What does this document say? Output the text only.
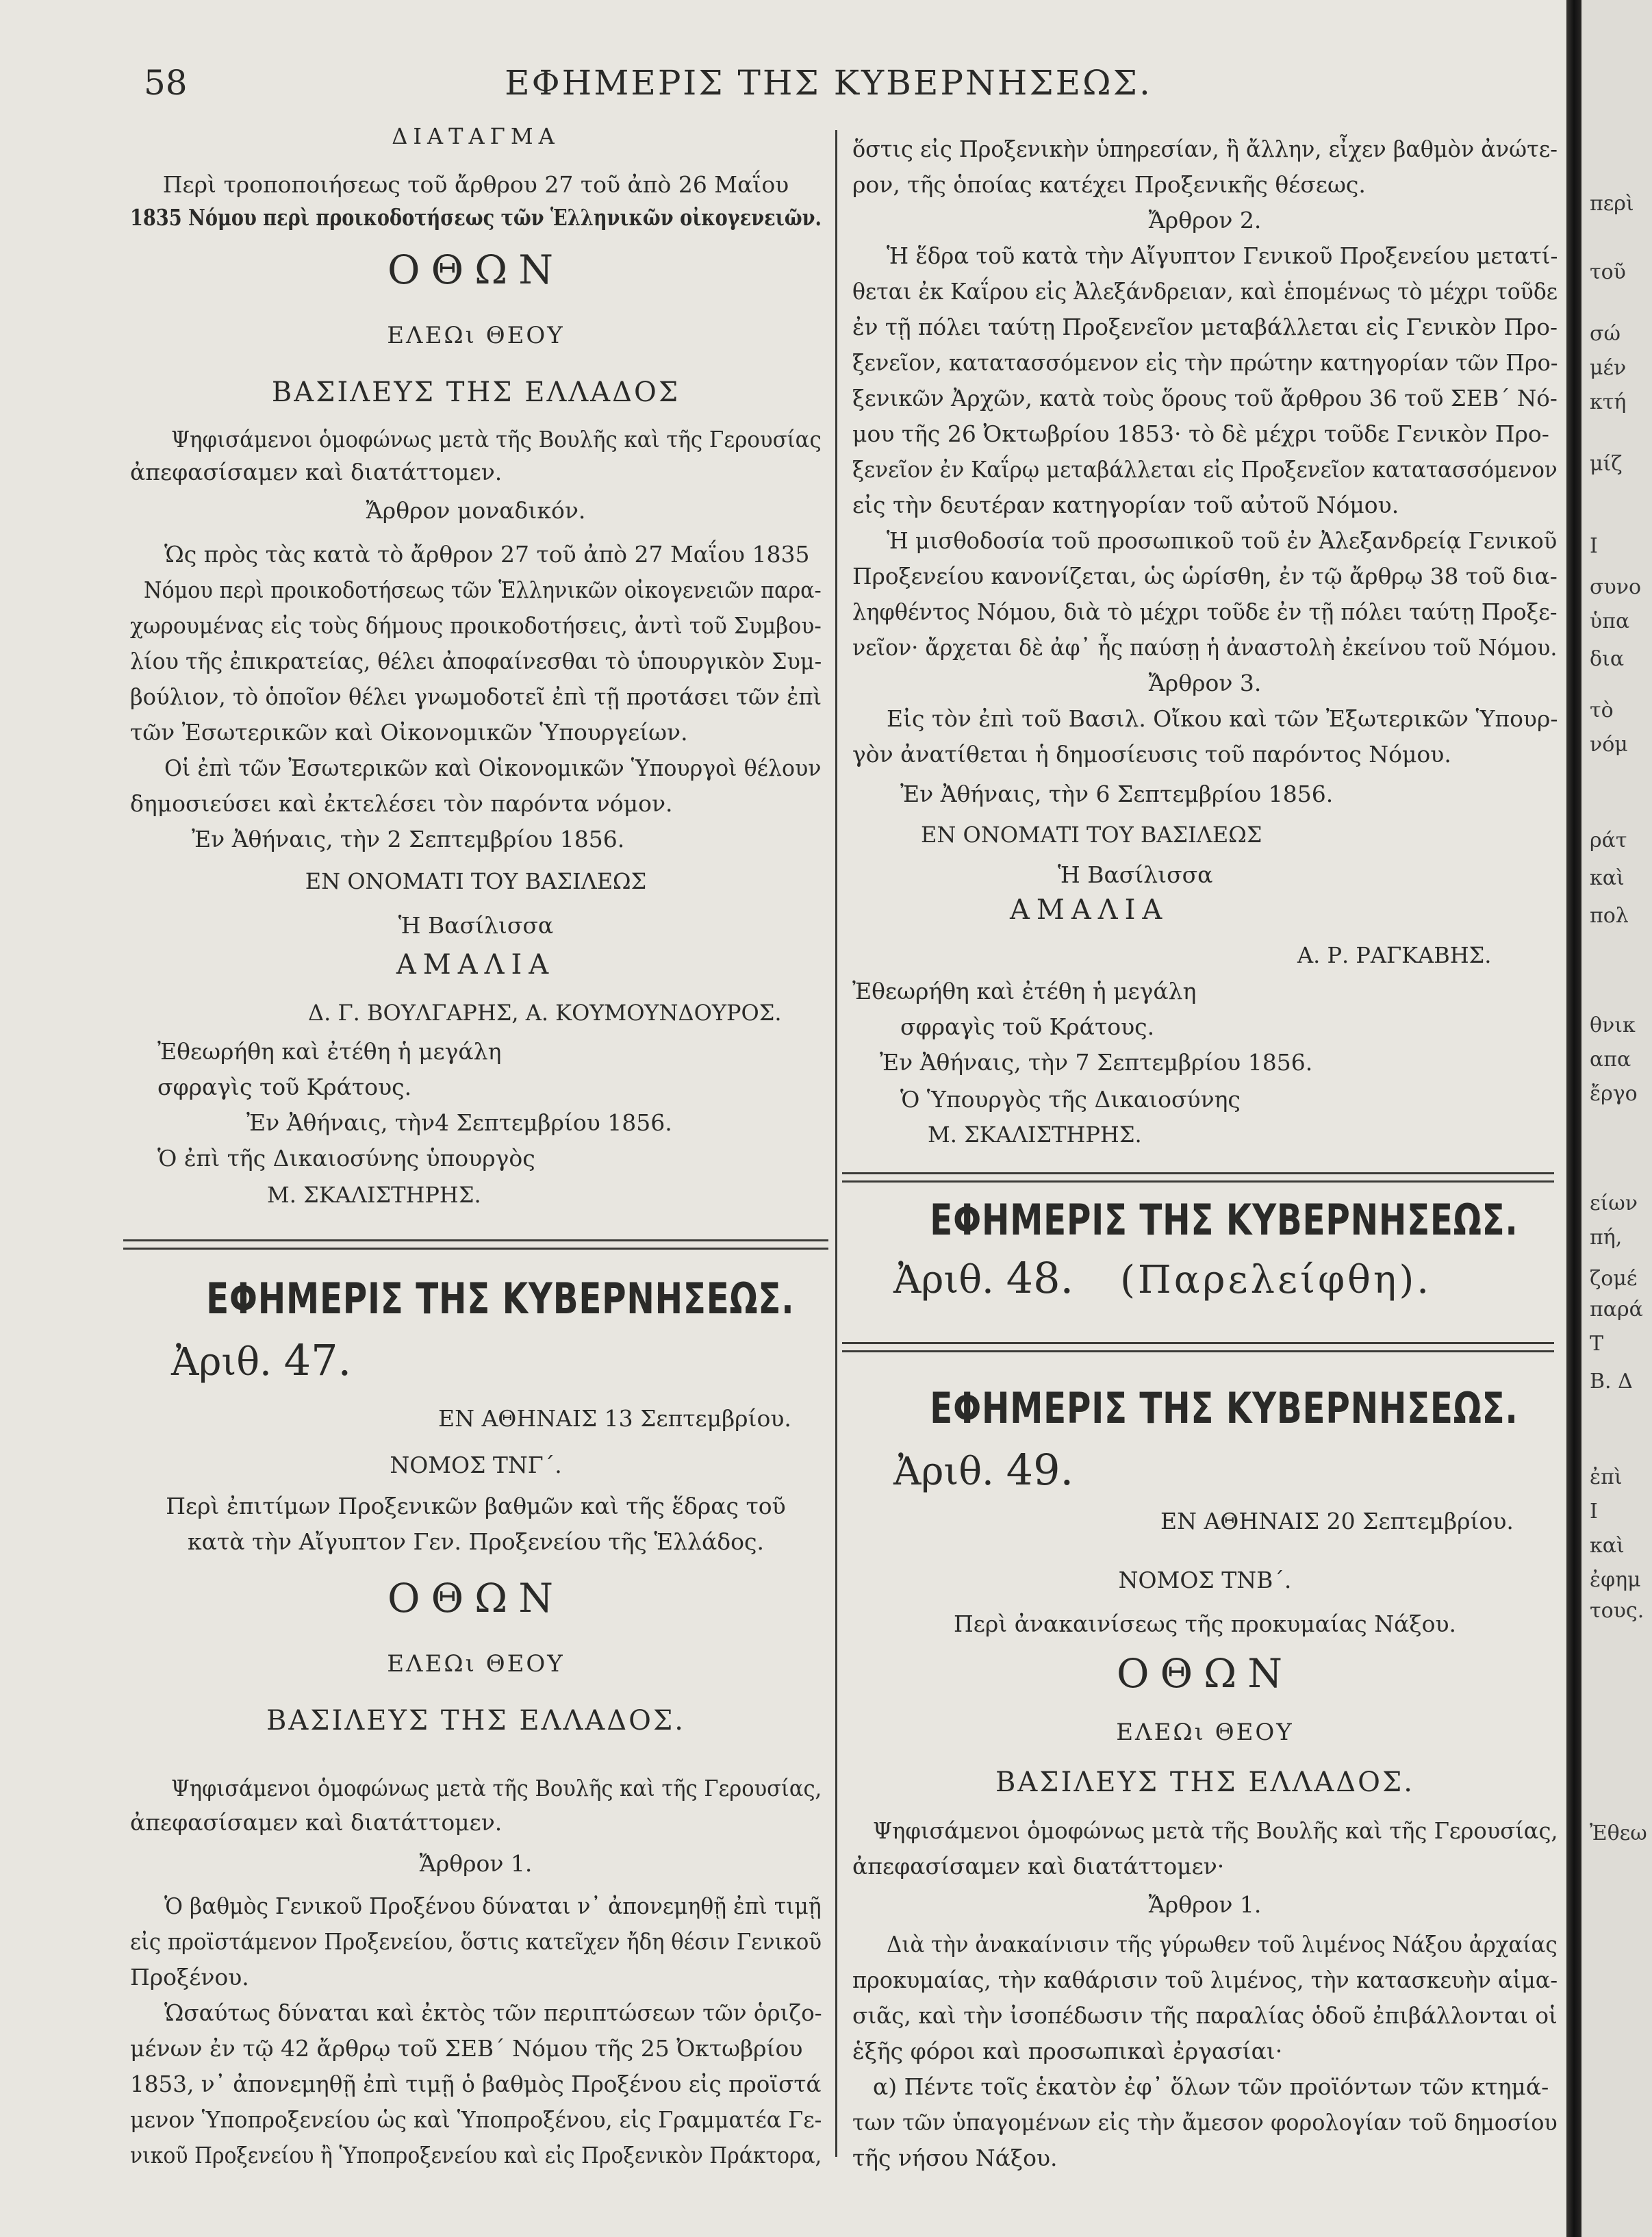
58	ΕΦΗΜΕΡΙΣ ΤΗΣ ΚΥΒΕΡΝΗΣΕΩΣ.
ΔΙΑΤΑΓΜΑ
Περὶ τροποποιήσεως τοῦ ἄρθρου 27 τοῦ ἀπὸ 26 Μαΐου
1835 Νόμου περὶ προικοδοτήσεως τῶν Ἑλληνικῶν οἰκογενειῶν.
ΟΘΩΝ
ΕΛΕΩι ΘΕΟΥ
ΒΑΣΙΛΕΥΣ ΤΗΣ ΕΛΛΑΔΟΣ
Ψηφισάμενοι ὁμοφώνως μετὰ τῆς Βουλῆς καὶ τῆς Γερουσίας
ἀπεφασίσαμεν καὶ διατάττομεν.
Ἄρθρον μοναδικόν.
Ὡς πρὸς τὰς κατὰ τὸ ἄρθρον 27 τοῦ ἀπὸ 27 Μαΐου 1835
Νόμου περὶ προικοδοτήσεως τῶν Ἑλληνικῶν οἰκογενειῶν παρα-
χωρουμένας εἰς τοὺς δήμους προικοδοτήσεις, ἀντὶ τοῦ Συμβου-
λίου τῆς ἐπικρατείας, θέλει ἀποφαίνεσθαι τὸ ὑπουργικὸν Συμ-
βούλιον, τὸ ὁποῖον θέλει γνωμοδοτεῖ ἐπὶ τῇ προτάσει τῶν ἐπὶ
τῶν Ἐσωτερικῶν καὶ Οἰκονομικῶν Ὑπουργείων.
Οἱ ἐπὶ τῶν Ἐσωτερικῶν καὶ Οἰκονομικῶν Ὑπουργοὶ θέλουν
δημοσιεύσει καὶ ἐκτελέσει τὸν παρόντα νόμον.
Ἐν Ἀθήναις, τὴν 2 Σεπτεμβρίου 1856.
ΕΝ ΟΝΟΜΑΤΙ ΤΟΥ ΒΑΣΙΛΕΩΣ
Ἡ Βασίλισσα
ΑΜΑΛΙΑ
Δ. Γ. ΒΟΥΛΓΑΡΗΣ, Α. ΚΟΥΜΟΥΝΔΟΥΡΟΣ.
Ἐθεωρήθη καὶ ἐτέθη ἡ μεγάλη
σφραγὶς τοῦ Κράτους.
Ἐν Ἀθήναις, τὴν4 Σεπτεμβρίου 1856.
Ὁ ἐπὶ τῆς Δικαιοσύνης ὑπουργὸς
Μ. ΣΚΑΛΙΣΤΗΡΗΣ.
ΕΦΗΜΕΡΙΣ ΤΗΣ ΚΥΒΕΡΝΗΣΕΩΣ.
Ἀριθ. 47.
ΕΝ ΑΘΗΝΑΙΣ 13 Σεπτεμβρίου.
ΝΟΜΟΣ ΤΝΓ΄.
Περὶ ἐπιτίμων Προξενικῶν βαθμῶν καὶ τῆς ἕδρας τοῦ
κατὰ τὴν Αἴγυπτον Γεν. Προξενείου τῆς Ἑλλάδος.
ΟΘΩΝ
ΕΛΕΩι ΘΕΟΥ
ΒΑΣΙΛΕΥΣ ΤΗΣ ΕΛΛΑΔΟΣ.
Ψηφισάμενοι ὁμοφώνως μετὰ τῆς Βουλῆς καὶ τῆς Γερουσίας,
ἀπεφασίσαμεν καὶ διατάττομεν.
Ἄρθρον 1.
Ὁ βαθμὸς Γενικοῦ Προξένου δύναται ν᾿ ἀπονεμηθῇ ἐπὶ τιμῇ
εἰς προϊστάμενον Προξενείου, ὅστις κατεῖχεν ἤδη θέσιν Γενικοῦ
Προξένου.
Ὡσαύτως δύναται καὶ ἐκτὸς τῶν περιπτώσεων τῶν ὁριζο-
μένων ἐν τῷ 42 ἄρθρῳ τοῦ ΣΕΒ΄ Νόμου τῆς 25 Ὀκτωβρίου
1853, ν᾿ ἀπονεμηθῇ ἐπὶ τιμῇ ὁ βαθμὸς Προξένου εἰς προϊστά
μενον Ὑποπροξενείου ὡς καὶ Ὑποπροξένου, εἰς Γραμματέα Γε-
νικοῦ Προξενείου ἢ Ὑποπροξενείου καὶ εἰς Προξενικὸν Πράκτορα,
ὅστις εἰς Προξενικὴν ὑπηρεσίαν, ἢ ἄλλην, εἶχεν βαθμὸν ἀνώτε-
ρον, τῆς ὁποίας κατέχει Προξενικῆς θέσεως.
Ἄρθρον 2.
Ἡ ἕδρα τοῦ κατὰ τὴν Αἴγυπτον Γενικοῦ Προξενείου μετατί-
θεται ἐκ Καΐρου εἰς Ἀλεξάνδρειαν, καὶ ἑπομένως τὸ μέχρι τοῦδε
ἐν τῇ πόλει ταύτῃ Προξενεῖον μεταβάλλεται εἰς Γενικὸν Προ-
ξενεῖον, κατατασσόμενον εἰς τὴν πρώτην κατηγορίαν τῶν Προ-
ξενικῶν Ἀρχῶν, κατὰ τοὺς ὅρους τοῦ ἄρθρου 36 τοῦ ΣΕΒ΄ Νό-
μου τῆς 26 Ὀκτωβρίου 1853· τὸ δὲ μέχρι τοῦδε Γενικὸν Προ-
ξενεῖον ἐν Καΐρῳ μεταβάλλεται εἰς Προξενεῖον κατατασσόμενον
εἰς τὴν δευτέραν κατηγορίαν τοῦ αὐτοῦ Νόμου.
Ἡ μισθοδοσία τοῦ προσωπικοῦ τοῦ ἐν Ἀλεξανδρείᾳ Γενικοῦ
Προξενείου κανονίζεται, ὡς ὡρίσθη, ἐν τῷ ἄρθρῳ 38 τοῦ δια-
ληφθέντος Νόμου, διὰ τὸ μέχρι τοῦδε ἐν τῇ πόλει ταύτῃ Προξε-
νεῖον· ἄρχεται δὲ ἀφ᾿ ἧς παύσῃ ἡ ἀναστολὴ ἐκείνου τοῦ Νόμου.
Ἄρθρον 3.
Εἰς τὸν ἐπὶ τοῦ Βασιλ. Οἴκου καὶ τῶν Ἐξωτερικῶν Ὑπουρ-
γὸν ἀνατίθεται ἡ δημοσίευσις τοῦ παρόντος Νόμου.
Ἐν Ἀθήναις, τὴν 6 Σεπτεμβρίου 1856.
ΕΝ ΟΝΟΜΑΤΙ ΤΟΥ ΒΑΣΙΛΕΩΣ
Ἡ Βασίλισσα
ΑΜΑΛΙΑ
Α. Ρ. ΡΑΓΚΑΒΗΣ.
Ἐθεωρήθη καὶ ἐτέθη ἡ μεγάλη
σφραγὶς τοῦ Κράτους.
Ἐν Ἀθήναις, τὴν 7 Σεπτεμβρίου 1856.
Ὁ Ὑπουργὸς τῆς Δικαιοσύνης
Μ. ΣΚΑΛΙΣΤΗΡΗΣ.
ΕΦΗΜΕΡΙΣ ΤΗΣ ΚΥΒΕΡΝΗΣΕΩΣ.
Ἀριθ. 48. (Παρελείφθη).
ΕΦΗΜΕΡΙΣ ΤΗΣ ΚΥΒΕΡΝΗΣΕΩΣ.
Ἀριθ. 49.
ΕΝ ΑΘΗΝΑΙΣ 20 Σεπτεμβρίου.
ΝΟΜΟΣ ΤΝΒ΄.
Περὶ ἀνακαινίσεως τῆς προκυμαίας Νάξου.
ΟΘΩΝ
ΕΛΕΩι ΘΕΟΥ
ΒΑΣΙΛΕΥΣ ΤΗΣ ΕΛΛΑΔΟΣ.
Ψηφισάμενοι ὁμοφώνως μετὰ τῆς Βουλῆς καὶ τῆς Γερουσίας,
ἀπεφασίσαμεν καὶ διατάττομεν·
Ἄρθρον 1.
Διὰ τὴν ἀνακαίνισιν τῆς γύρωθεν τοῦ λιμένος Νάξου ἀρχαίας
προκυμαίας, τὴν καθάρισιν τοῦ λιμένος, τὴν κατασκευὴν αἱμα-
σιᾶς, καὶ τὴν ἰσοπέδωσιν τῆς παραλίας ὁδοῦ ἐπιβάλλονται οἱ
ἑξῆς φόροι καὶ προσωπικαὶ ἐργασίαι·
α) Πέντε τοῖς ἑκατὸν ἐφ᾿ ὅλων τῶν προϊόντων τῶν κτημά-
των τῶν ὑπαγομένων εἰς τὴν ἄμεσον φορολογίαν τοῦ δημοσίου
τῆς νήσου Νάξου.
περὶ
τοῦ
σώ
μέν
κτή
μίζ
Ι
συνο
ὑπα
δια
τὸ
νόμ
ράτ
καὶ
πολ
θνικ
απα
ἔργο
είων
πή,
ζομέ
παρά
Τ
Β. Δ
ἐπὶ
Ι
καὶ
ἐφημ
τους.
Ἐθεω
